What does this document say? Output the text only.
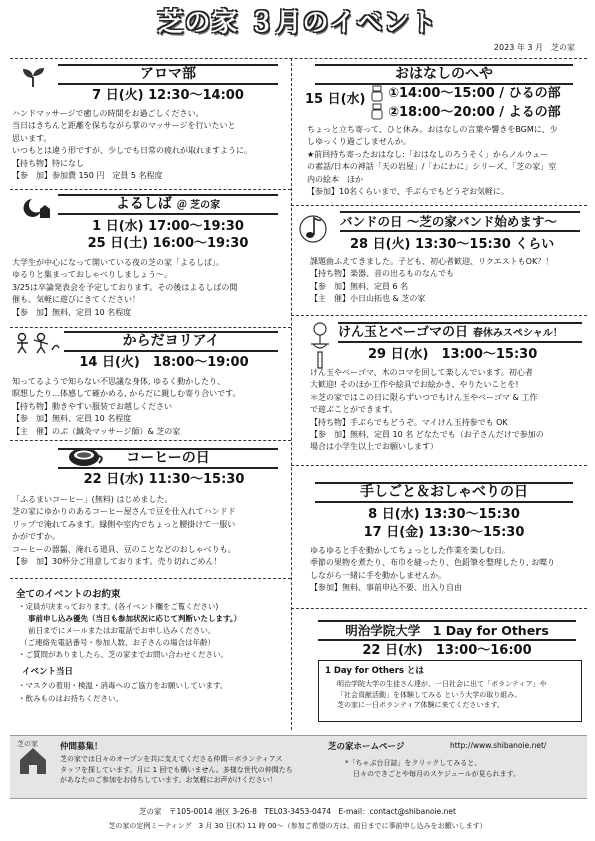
芝の家 ３月のイベント
2023 年 3 月　芝の家
アロマ部
7 日(火) 12:30～14:00

ハンドマッサージで癒しの時間をお過ごしください。

当日はきちんと距離を保ちながら掌のマッサージを行いたいと

思います。

いつもとは違う形ですが、少しでも日常の疲れが取れますように。

【持ち物】特になし

【参　加】参加費 150 円　定員 5 名程度

よるしば ＠ 芝の家
1 日(水) 17:00～19:30
25 日(土) 16:00～19:30

大学生が中心になって開いている夜の芝の家「よるしば」。

ゆるりと集まっておしゃべりしましょう～。

3/25は卒論発表会を予定しております。その後はよるしばの開

催も。気軽に遊びにきてください！

【参　加】無料、定員 10 名程度

からだヨリアイ
14 日(火)　18:00～19:00

知ってるようで知らない不思議な身体, ゆるく動かしたり、

瞑想したり…体感して確かめる, からだに親しむ寄り合いです。

【持ち物】動きやすい服装でお越しください

【参　加】無料、定員 10 名程度

【主　催】のぶ（鍼灸マッサージ師）& 芝の家

コーヒーの日
22 日(水) 11:30～15:30

「ふるまいコーヒー」(無料) はじめました。

芝の家にゆかりのあるコーヒー屋さんで豆を仕入れてハンドド

リップで淹れてみます。縁側や室内でちょっと腰掛けて一服い

かがですか。

コーヒーの器齧、淹れる道具、豆のことなどのおしゃべりも。

【参　加】30杯分ご用意しております。売り切れごめん！

全てのイベントのお約束

・定員が決まっております。(各イベント欄をご覧ください)

事前申し込み優先（当日も参加状況に応じて判断いたします。）

前日までにメールまたはお電話でお申し込みください。

（ご連絡先電話番号・参加人数、お子さんの場合は年齢）

・ご質問がありましたら、芝の家までお問い合わせください。

イベント当日

・マスクの着用・検温・消毒へのご協力をお願いしています。

・飲みものはお持ちください。

おはなしのへや
15 日(水) ①14:00～15:00 / ひるの部
②18:00～20:00 / よるの部

ちょっと立ち寄って、ひと休み。おはなしの言葉や響きをBGMに、少

しゆっくり過ごしませんか。

★前回持ち寄ったおはなし:「おはなしのろうそく」からノルウェー

の素話/日本の神話「天の岩屋」/「わにわに」シリーズ、「芝の家」室

内の絵本　ほか

【参加】10名くらいまで、手ぶらでもどうぞお気軽に。

バンドの日 ～芝の家バンド始めます～
28 日(火) 13:30～15:30 くらい

課題曲ふえてきました。子ども、初心者歓迎、リクエストもOK？！

【持ち物】楽器、音の出るものなんでも

【参　加】無料、定員 6 名

【主　催】小日山拓也 & 芝の家

けん玉とベーゴマの日 春休みスペシャル！
29 日(水)　13:00～15:30

けん玉やベーゴマ、木のコマを回して楽しんでいます。初心者

大歓迎! そのほか工作や絵具でお絵かき、やりたいことを!

＊芝の家ではこの日に限らずいつでもけん玉やベーゴマ & 工作

で遊ぶことができます。

【持ち物】手ぶらでもどうぞ。マイけん玉持参でも OK

【参　加】無料、定員 10 名 どなたでも（お子さんだけで参加の

場合は小学生以上でお願いします）

手しごと＆おしゃべりの日
8 日(水) 13:30～15:30
17 日(金) 13:30～15:30

ゆるゆると手を動かしてちょっとした作業を楽しむ日。

季節の果物を煮たり、布巾を縫ったり、色鉛筆を整理したり, お喋り

しながら一緒に手を動かしませんか。

【参加】無料、事前申込不要、出入り自由

明治学院大学　1 Day for Others
22 日(水)　13:00～16:00
1 Day for Others とは

明治学院大学の生徒さん達が、一日社会に出て「ボランティア」や

「社会貢献活動」を体験してみる という大学の取り組み。

芝の家に一日ボランティア体験に来てくださいます。

芝の家	仲間募集！

芝の家では日々のオープンを共に支えてくださる仲間＝ボランティアス

タッフを探しています。月に 1 回でも構いません。多様な世代の仲間たち

があなたのご参加をお待ちしています。お気軽にお声がけください！

芝の家ホームページ	http://www.shibanoie.net/

*「ちゃぶ台日誌」をクリックしてみると、

日々のできごとや毎月のスケジュールが見られます。

芝の家　〒105-0014 港区 3-26-8　TEL03-3453-0474　E-mail：contact@shibanoie.net
芝の家の定例ミーティング　3 月 30 日(木) 11 時 00～（参加ご希望の方は、前日までに事前申し込みをお願いします）
